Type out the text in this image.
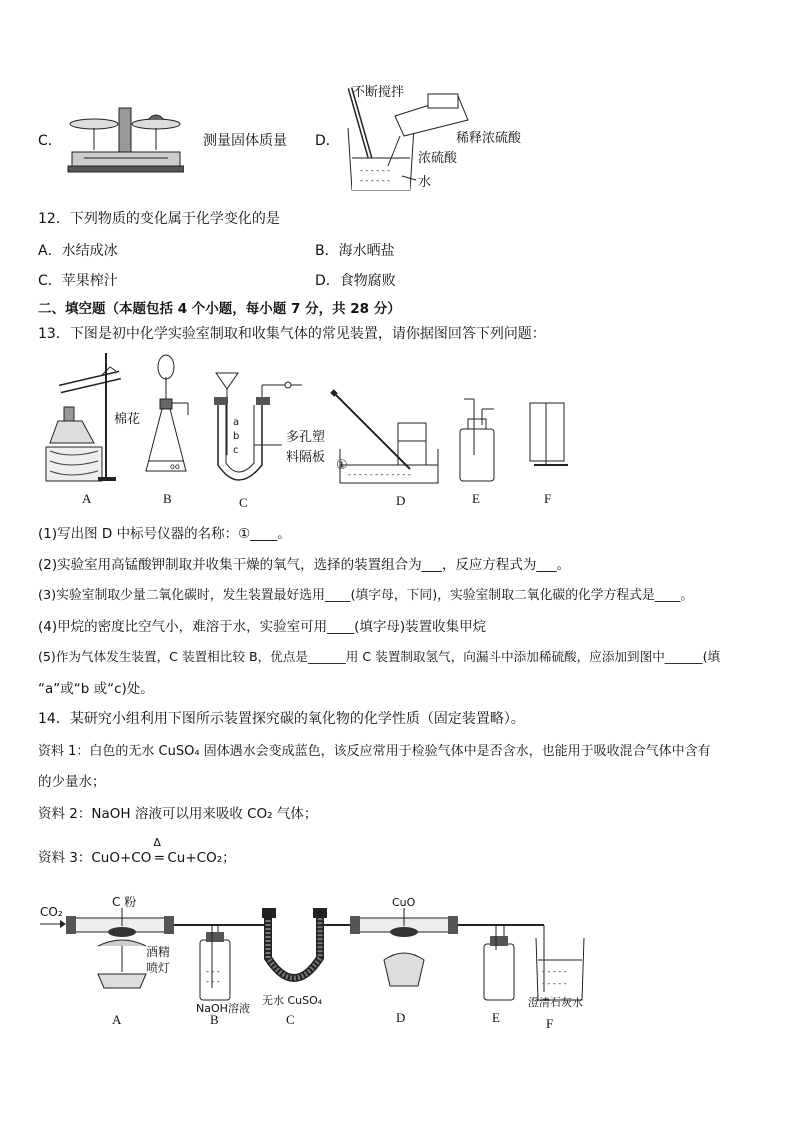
C．	测量固体质量 D．
不断搅拌
- - - - - -
- - - - - -
稀释浓硫酸
浓硫酸
水
12．下列物质的变化属于化学变化的是
A．水结成冰	B．海水晒盐
C．苹果榨汁	D．食物腐败
二、填空题（本题包括 4 个小题，每小题 7 分，共 28 分）
13．下图是初中化学实验室制取和收集气体的常见装置，请你据图回答下列问题：
棉花
oo
a
b
c
多孔塑
料隔板
- - - - - - - - - - - -
①
A	B	C	D	E	F
(1)写出图 D 中标号仪器的名称：①____。
(2)实验室用高锰酸钾制取并收集干燥的氧气，选择的装置组合为___，反应方程式为___。
(3)实验室制取少量二氧化碳时，发生装置最好选用____(填字母，下同)，实验室制取二氧化碳的化学方程式是____。
(4)甲烷的密度比空气小，难溶于水，实验室可用____(填字母)装置收集甲烷
(5)作为气体发生装置，C 装置相比较 B，优点是______用 C 装置制取氢气，向漏斗中添加稀硫酸，应添加到图中______(填
“a”或“b 或“c)处。
14．某研究小组利用下图所示装置探究碳的氧化物的化学性质（固定装置略）。
资料 1：白色的无水 CuSO₄ 固体遇水会变成蓝色，该反应常用于检验气体中是否含水，也能用于吸收混合气体中含有
的少量水；
资料 2：NaOH 溶液可以用来吸收 CO₂ 气体；
资料 3：CuO+CO
Δ
= Cu+CO₂；
CO₂
C 粉
酒精
喷灯	- - -
- - -
NaOH溶液
无水 CuSO₄
CuO
- - - - -
- - - - -
澄清石灰水
A	B	C	D	E	F
